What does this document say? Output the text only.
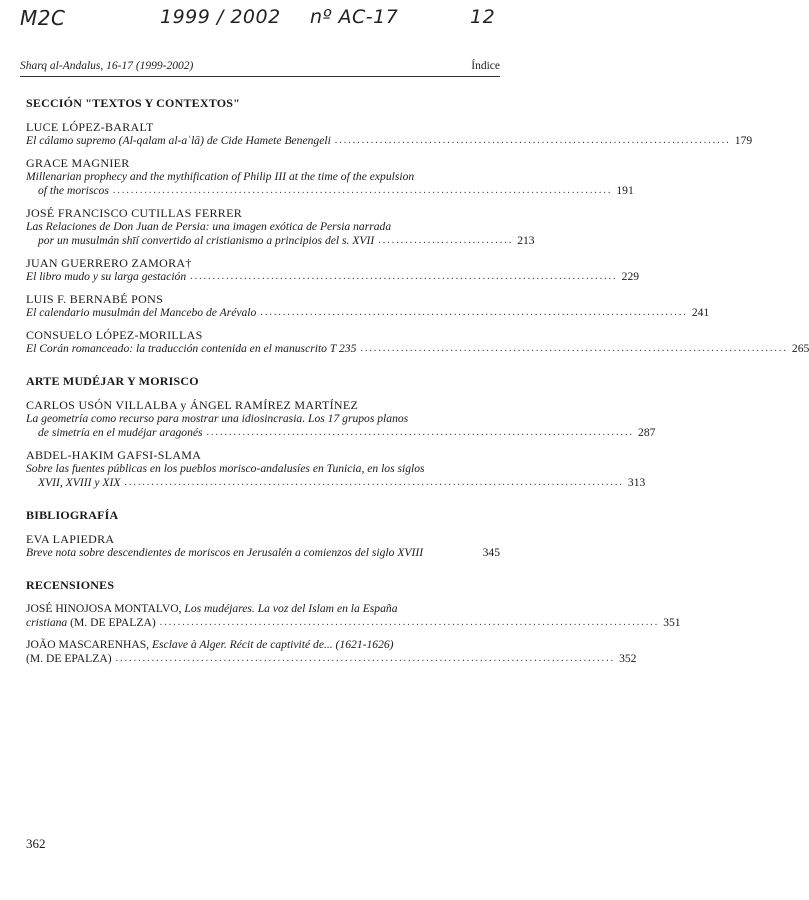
M2C	1999 / 2002 nº AC-17	12
Sharq al-Andalus, 16-17 (1999-2002)	Índice
SECCIÓN "TEXTOS Y CONTEXTOS"
LUCE LÓPEZ-BARALT
El cálamo supremo (Al-qalam al-aʿlā) de Cide Hamete Benengeli ........................................................................................ 179
GRACE MAGNIER
Millenarian prophecy and the mythification of Philip III at the time of the expulsion
of the moriscos ............................................................................................................... 191
JOSÉ FRANCISCO CUTILLAS FERRER
Las Relaciones de Don Juan de Persia: una imagen exótica de Persia narrada
por un musulmán shīí convertido al cristianismo a principios del s. XVII .............................. 213
JUAN GUERRERO ZAMORA†
El libro mudo y su larga gestación ............................................................................................... 229
LUIS F. BERNABÉ PONS
El calendario musulmán del Mancebo de Arévalo ............................................................................................... 241
CONSUELO LÓPEZ-MORILLAS
El Corán romanceado: la traducción contenida en el manuscrito T 235 ............................................................................................... 265
ARTE MUDÉJAR Y MORISCO
CARLOS USÓN VILLALBA y ÁNGEL RAMÍREZ MARTÍNEZ
La geometría como recurso para mostrar una idiosincrasia. Los 17 grupos planos
de simetría en el mudéjar aragonés ............................................................................................... 287
ABDEL-HAKIM GAFSI-SLAMA
Sobre las fuentes públicas en los pueblos morisco-andalusíes en Tunicia, en los siglos
XVII, XVIII y XIX ............................................................................................................... 313
BIBLIOGRAFÍA
EVA LAPIEDRA
Breve nota sobre descendientes de moriscos en Jerusalén a comienzos del siglo XVIII	345
RECENSIONES
JOSÉ HINOJOSA MONTALVO,
Los mudéjares. La voz del Islam en la España
cristiana
(M. DE EPALZA) ............................................................................................................... 351
JOÃO MASCARENHAS,
Esclave à Alger. Récit de captivité de... (1621-1626)
(M. DE EPALZA) ............................................................................................................... 352
362
